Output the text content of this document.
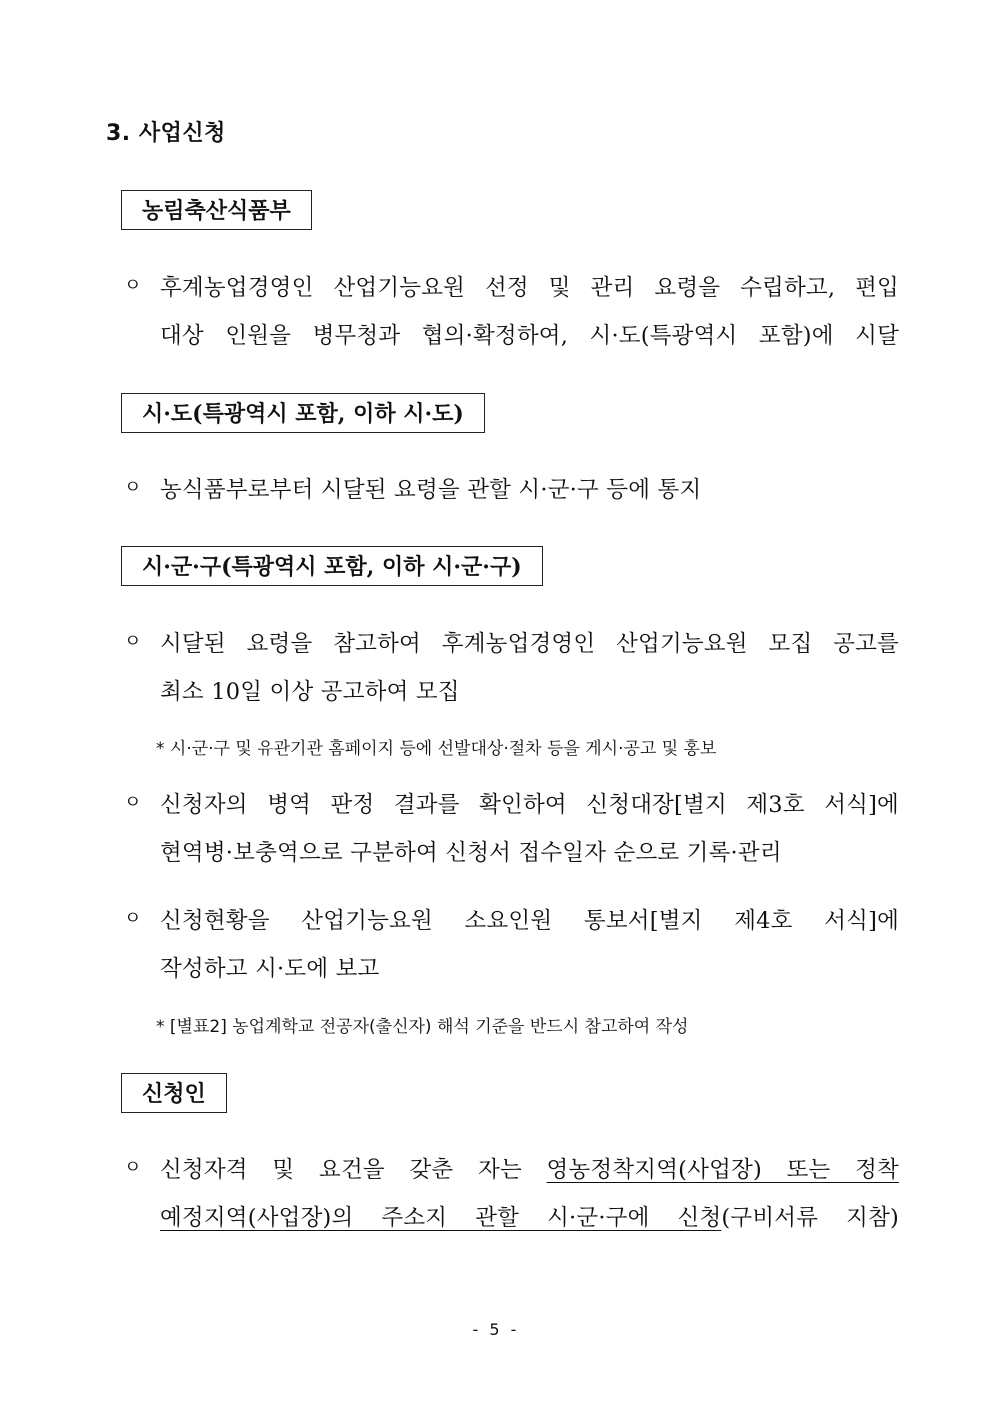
3. 사업신청
농림축산식품부
ㅇ 후계농업경영인 산업기능요원 선정 및 관리 요령을 수립하고, 편입
대상 인원을 병무청과 협의·확정하여, 시·도(특광역시 포함)에 시달
시·도(특광역시 포함, 이하 시·도)
ㅇ 농식품부로부터 시달된 요령을 관할 시·군·구 등에 통지
시·군·구(특광역시 포함, 이하 시·군·구)
ㅇ 시달된 요령을 참고하여 후계농업경영인 산업기능요원 모집 공고를
최소 10일 이상 공고하여 모집
* 시·군·구 및 유관기관 홈페이지 등에 선발대상·절차 등을 게시·공고 및 홍보
ㅇ 신청자의 병역 판정 결과를 확인하여 신청대장[별지 제3호 서식]에
현역병·보충역으로 구분하여 신청서 접수일자 순으로 기록·관리
ㅇ 신청현황을 산업기능요원 소요인원 통보서[별지 제4호 서식]에
작성하고 시·도에 보고
* [별표2] 농업계학교 전공자(출신자) 해석 기준을 반드시 참고하여 작성
신청인
ㅇ 신청자격 및 요건을 갖춘 자는 영농정착지역(사업장) 또는 정착
예정지역(사업장)의 주소지 관할 시·군·구에 신청(구비서류 지참)
- 5 -
